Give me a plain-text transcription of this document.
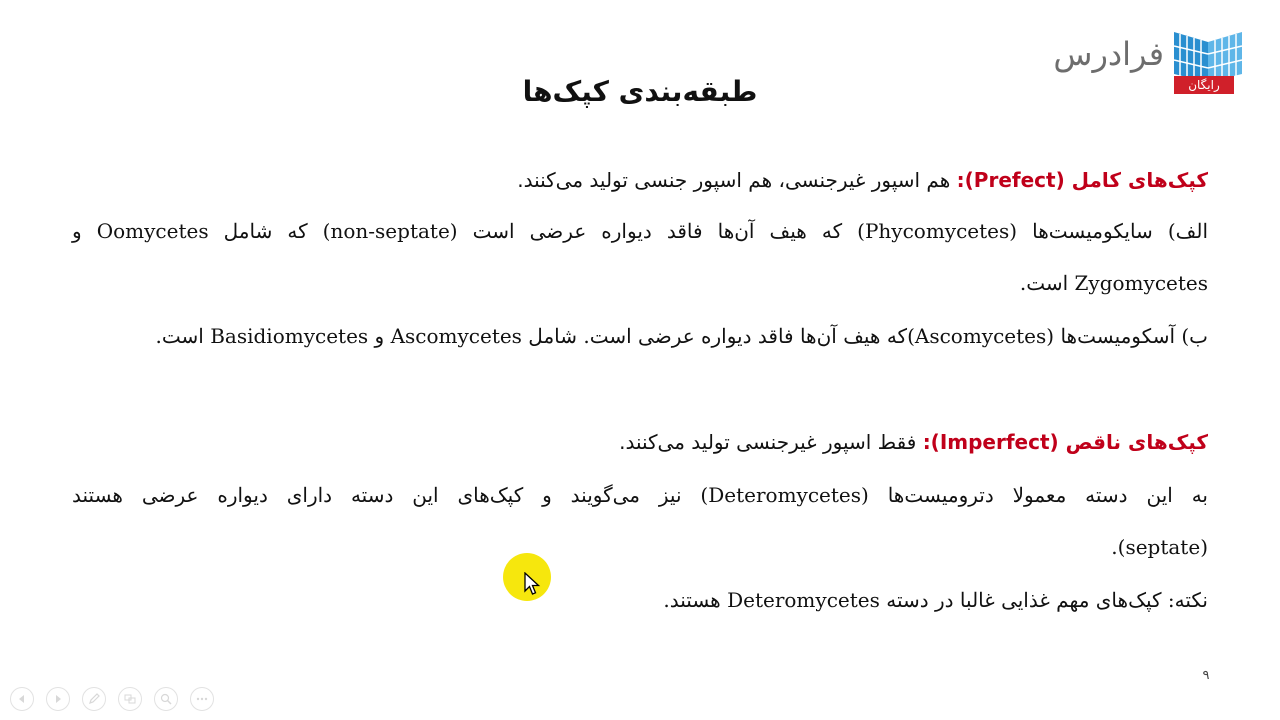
فرادرس
رایگان
طبقه‌بندی کپک‌ها
کپک‌های کامل (Prefect): هم اسپور غیرجنسی، هم اسپور جنسی تولید می‌کنند.
الف) سایکومیست‌ها (Phycomycetes) که هیف آن‌ها فاقد دیواره عرضی است (non-septate) که شامل Oomycetes و
Zygomycetes است.
ب) آسکومیست‌ها (Ascomycetes)که هیف آن‌ها فاقد دیواره عرضی است. شامل Ascomycetes و Basidiomycetes است.
کپک‌های ناقص (Imperfect): فقط اسپور غیرجنسی تولید می‌کنند.
به این دسته معمولا دترومیست‌ها (Deteromycetes) نیز می‌گویند و کپک‌های این دسته دارای دیواره عرضی هستند
(septate).
نکته: کپک‌های مهم غذایی غالبا در دسته Deteromycetes هستند.
۹
